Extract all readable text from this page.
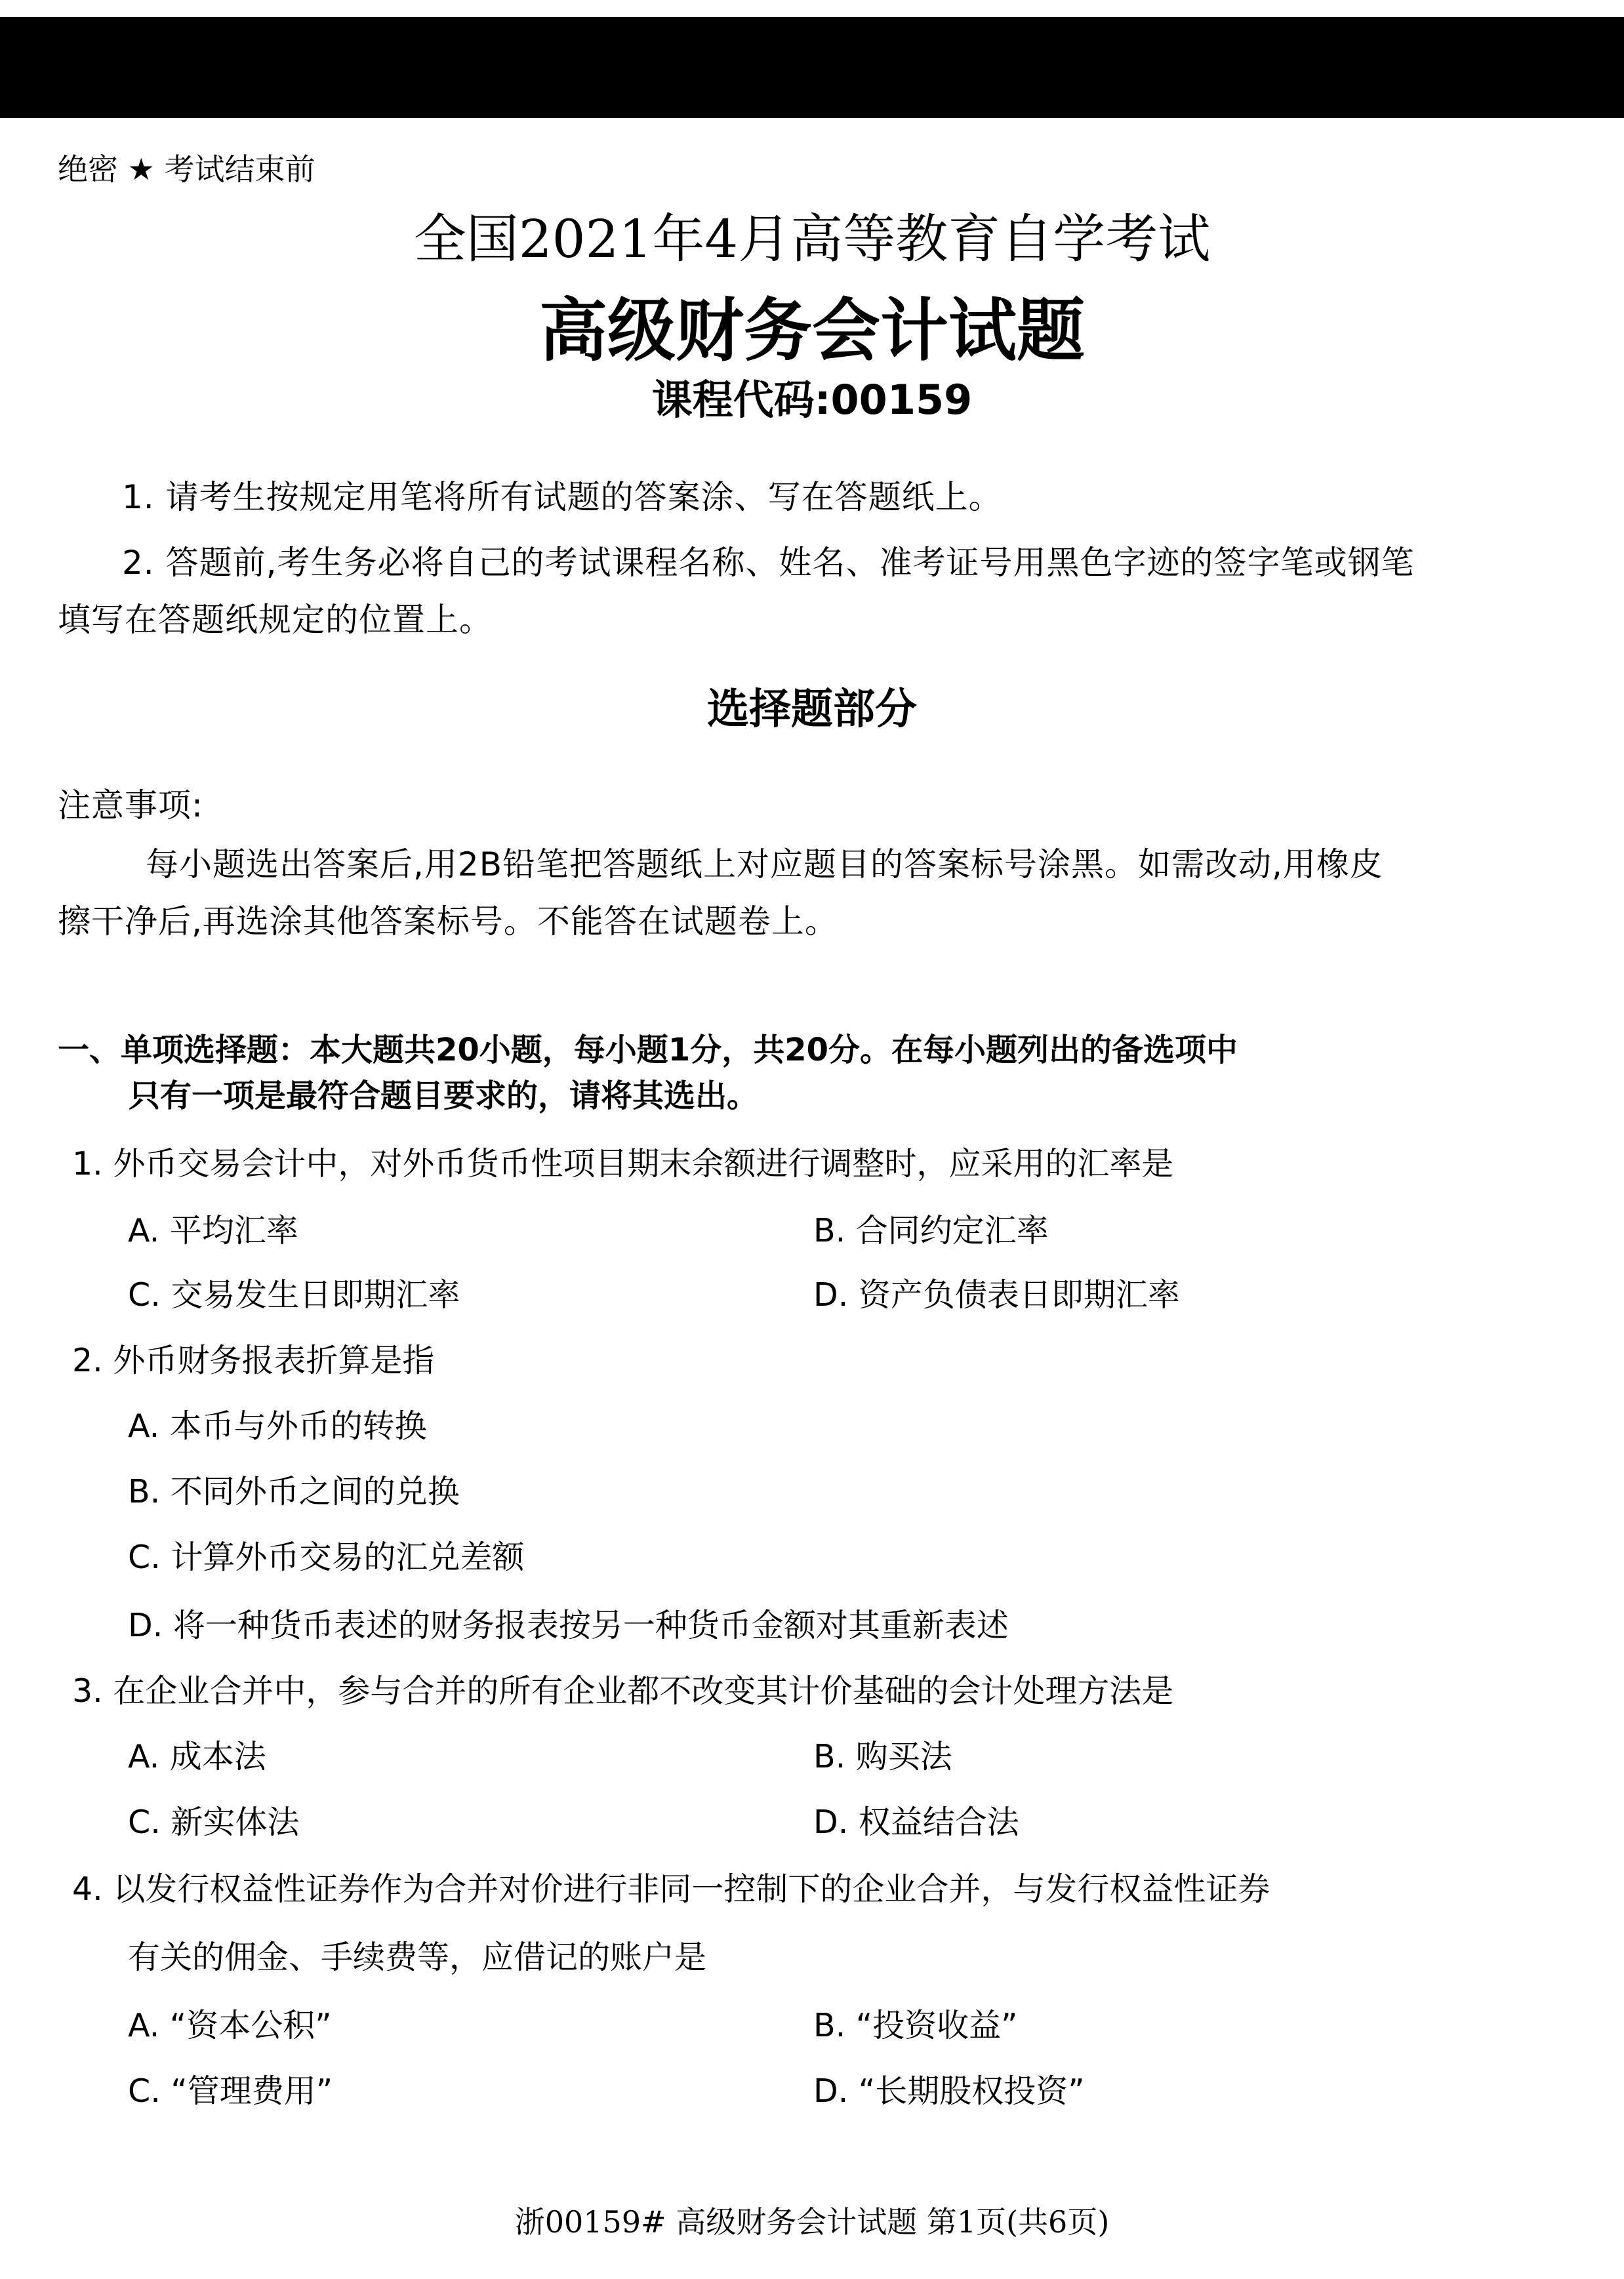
绝密 ★ 考试结束前
全国2021年4月高等教育自学考试
高级财务会计试题
课程代码:00159
1. 请考生按规定用笔将所有试题的答案涂、写在答题纸上。
2. 答题前,考生务必将自己的考试课程名称、姓名、准考证号用黑色字迹的签字笔或钢笔
填写在答题纸规定的位置上。
选择题部分
注意事项:
每小题选出答案后,用2B铅笔把答题纸上对应题目的答案标号涂黑。如需改动,用橡皮
擦干净后,再选涂其他答案标号。不能答在试题卷上。
一、单项选择题：本大题共20小题，每小题1分，共20分。在每小题列出的备选项中
只有一项是最符合题目要求的，请将其选出。
1. 外币交易会计中，对外币货币性项目期末余额进行调整时，应采用的汇率是
A. 平均汇率	B. 合同约定汇率
C. 交易发生日即期汇率	D. 资产负债表日即期汇率
2. 外币财务报表折算是指
A. 本币与外币的转换
B. 不同外币之间的兑换
C. 计算外币交易的汇兑差额
D. 将一种货币表述的财务报表按另一种货币金额对其重新表述
3. 在企业合并中，参与合并的所有企业都不改变其计价基础的会计处理方法是
A. 成本法	B. 购买法
C. 新实体法	D. 权益结合法
4. 以发行权益性证券作为合并对价进行非同一控制下的企业合并，与发行权益性证券
有关的佣金、手续费等，应借记的账户是
A. “资本公积”	B. “投资收益”
C. “管理费用”	D. “长期股权投资”
浙00159# 高级财务会计试题 第1页(共6页)
